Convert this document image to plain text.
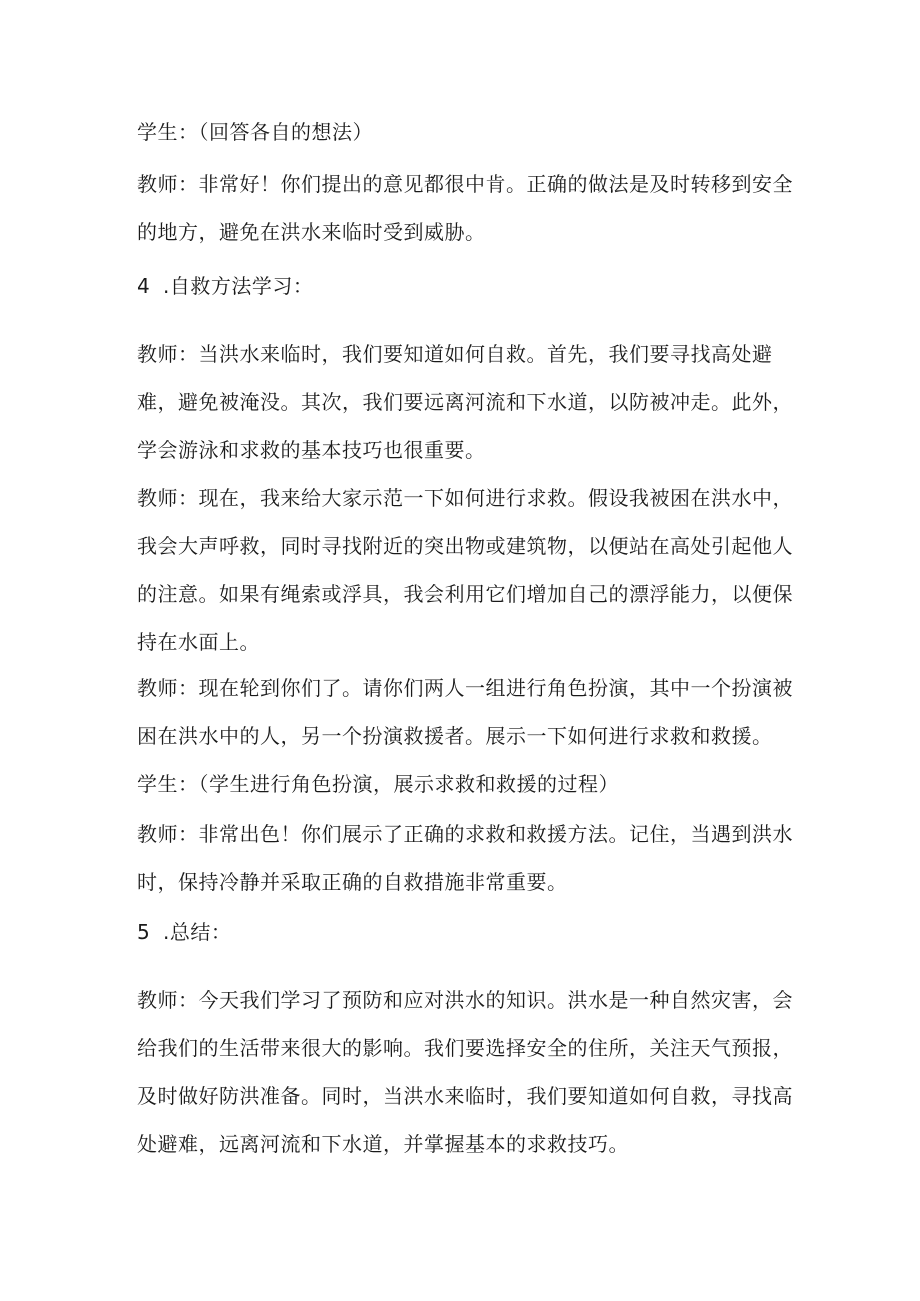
学生：（回答各自的想法）
教师：非常好！你们提出的意见都很中肯。正确的做法是及时转移到安全的地方，避免在洪水来临时受到威胁。
4 .自救方法学习：
教师：当洪水来临时，我们要知道如何自救。首先，我们要寻找高处避难，避免被淹没。其次，我们要远离河流和下水道，以防被冲走。此外，学会游泳和求救的基本技巧也很重要。
教师：现在，我来给大家示范一下如何进行求救。假设我被困在洪水中，我会大声呼救，同时寻找附近的突出物或建筑物，以便站在高处引起他人的注意。如果有绳索或浮具，我会利用它们增加自己的漂浮能力，以便保持在水面上。
教师：现在轮到你们了。请你们两人一组进行角色扮演，其中一个扮演被困在洪水中的人，另一个扮演救援者。展示一下如何进行求救和救援。
学生：（学生进行角色扮演，展示求救和救援的过程）
教师：非常出色！你们展示了正确的求救和救援方法。记住，当遇到洪水时，保持冷静并采取正确的自救措施非常重要。
5 .总结：
教师：今天我们学习了预防和应对洪水的知识。洪水是一种自然灾害，会给我们的生活带来很大的影响。我们要选择安全的住所，关注天气预报，及时做好防洪准备。同时，当洪水来临时，我们要知道如何自救，寻找高处避难，远离河流和下水道，并掌握基本的求救技巧。
